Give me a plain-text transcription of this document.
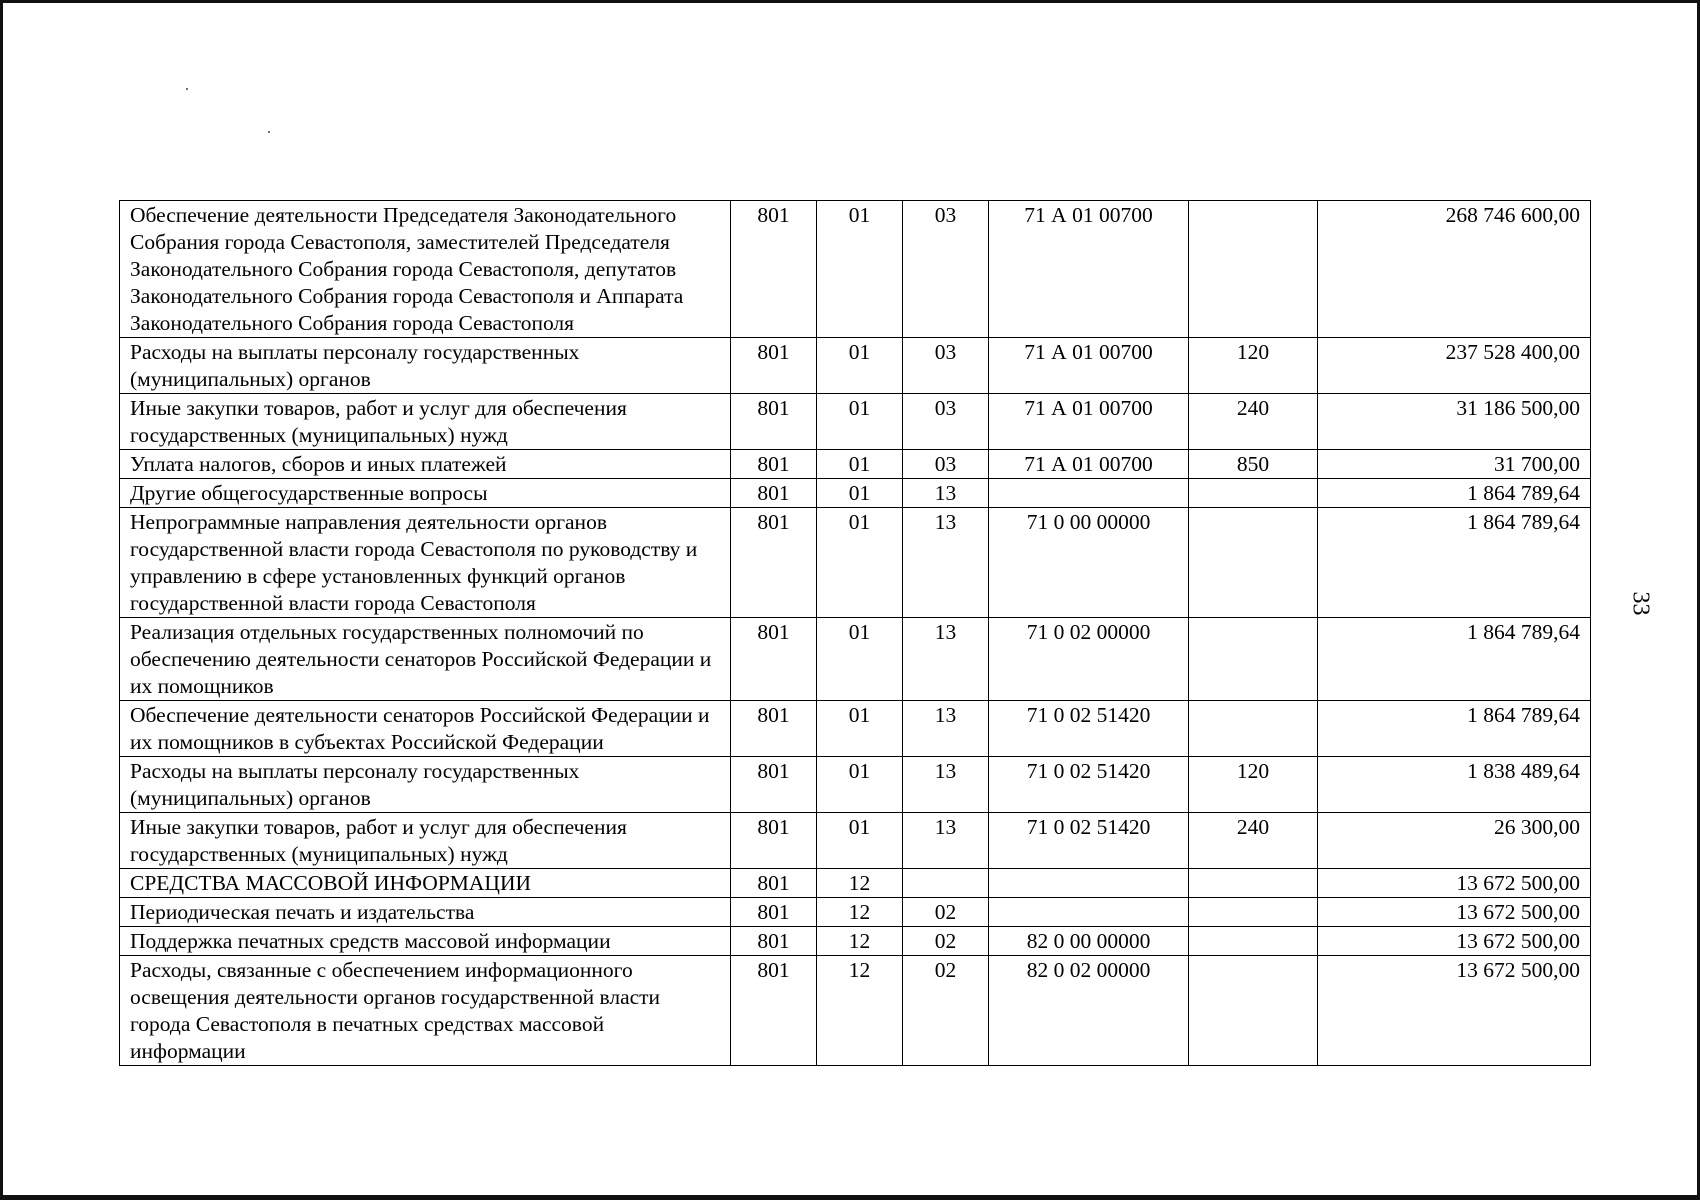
Обеспечение деятельности Председателя Законодательного Собрания города Севастополя, заместителей Председателя Законодательного Собрания города Севастополя, депутатов Законодательного Собрания города Севастополя и Аппарата Законодательного Собрания города Севастополя	801	01	03	71 А 01 00700		268 746 600,00
Расходы на выплаты персоналу государственных (муниципальных) органов	801	01	03	71 А 01 00700	120	237 528 400,00
Иные закупки товаров, работ и услуг для обеспечения государственных (муниципальных) нужд	801	01	03	71 А 01 00700	240	31 186 500,00
Уплата налогов, сборов и иных платежей	801	01	03	71 А 01 00700	850	31 700,00
Другие общегосударственные вопросы	801	01	13			1 864 789,64
Непрограммные направления деятельности органов государственной власти города Севастополя по руководству и управлению в сфере установленных функций органов государственной власти города Севастополя	801	01	13	71 0 00 00000		1 864 789,64
Реализация отдельных государственных полномочий по обеспечению деятельности сенаторов Российской Федерации и их помощников	801	01	13	71 0 02 00000		1 864 789,64
Обеспечение деятельности сенаторов Российской Федерации и их помощников в субъектах Российской Федерации	801	01	13	71 0 02 51420		1 864 789,64
Расходы на выплаты персоналу государственных (муниципальных) органов	801	01	13	71 0 02 51420	120	1 838 489,64
Иные закупки товаров, работ и услуг для обеспечения государственных (муниципальных) нужд	801	01	13	71 0 02 51420	240	26 300,00
СРЕДСТВА МАССОВОЙ ИНФОРМАЦИИ	801	12				13 672 500,00
Периодическая печать и издательства	801	12	02			13 672 500,00
Поддержка печатных средств массовой информации	801	12	02	82 0 00 00000		13 672 500,00
Расходы, связанные с обеспечением информационного освещения деятельности органов государственной власти города Севастополя в печатных средствах массовой информации	801	12	02	82 0 02 00000		13 672 500,00
33
